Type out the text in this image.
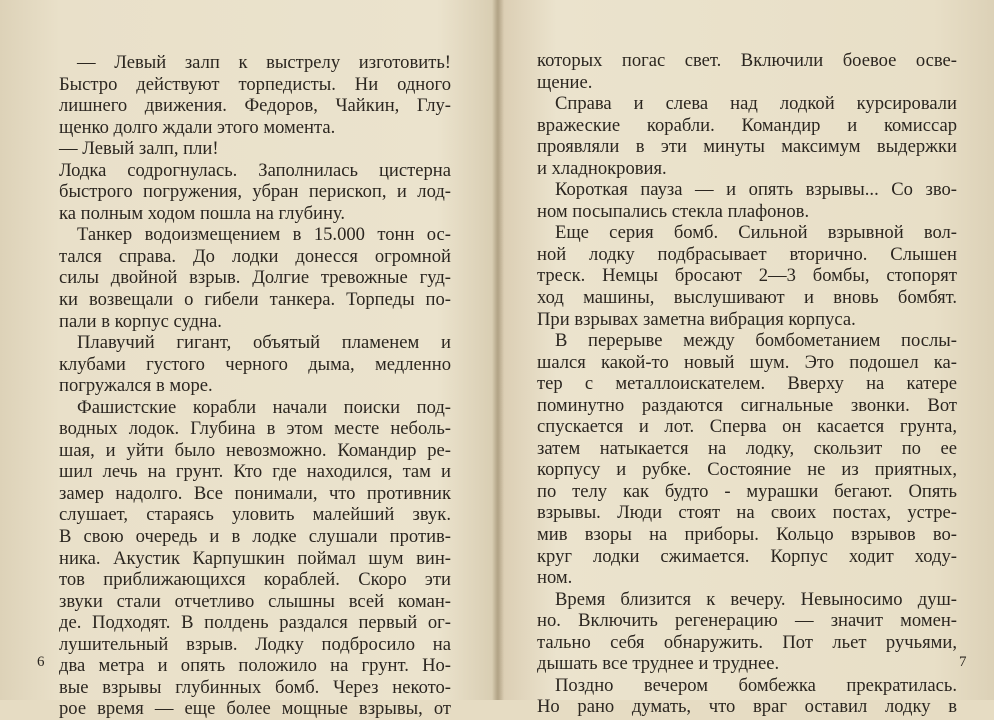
— Левый залп к выстрелу изготовить!
Быстро действуют торпедисты. Ни одного
лишнего движения. Федоров, Чайкин, Глу-
щенко долго ждали этого момента.
— Левый залп, пли!
Лодка содрогнулась. Заполнилась цистерна
быстрого погружения, убран перископ, и лод-
ка полным ходом пошла на глубину.
Танкер водоизмещением в 15.000 тонн ос-
тался справа. До лодки донесся огромной
силы двойной взрыв. Долгие тревожные гуд-
ки возвещали о гибели танкера. Торпеды по-
пали в корпус судна.
Плавучий гигант, объятый пламенем и
клубами густого черного дыма, медленно
погружался в море.
Фашистские корабли начали поиски под-
водных лодок. Глубина в этом месте неболь-
шая, и уйти было невозможно. Командир ре-
шил лечь на грунт. Кто где находился, там и
замер надолго. Все понимали, что противник
слушает, стараясь уловить малейший звук.
В свою очередь и в лодке слушали против-
ника. Акустик Карпушкин поймал шум вин-
тов приближающихся кораблей. Скоро эти
звуки стали отчетливо слышны всей коман-
де. Подходят. В полдень раздался первый ог-
лушительный взрыв. Лодку подбросило на
два метра и опять положило на грунт. Но-
вые взрывы глубинных бомб. Через некото-
рое время — еще более мощные взрывы, от
6
которых погас свет. Включили боевое осве-
щение.
Справа и слева над лодкой курсировали
вражеские корабли. Командир и комиссар
проявляли в эти минуты максимум выдержки
и хладнокровия.
Короткая пауза — и опять взрывы... Со зво-
ном посыпались стекла плафонов.
Еще серия бомб. Сильной взрывной вол-
ной лодку подбрасывает вторично. Слышен
треск. Немцы бросают 2—3 бомбы, стопорят
ход машины, выслушивают и вновь бомбят.
При взрывах заметна вибрация корпуса.
В перерыве между бомбометанием послы-
шался какой-то новый шум. Это подошел ка-
тер с металлоискателем. Вверху на катере
поминутно раздаются сигнальные звонки. Вот
спускается и лот. Сперва он касается грунта,
затем натыкается на лодку, скользит по ее
корпусу и рубке. Состояние не из приятных,
по телу как будто - мурашки бегают. Опять
взрывы. Люди стоят на своих постах, устре-
мив взоры на приборы. Кольцо взрывов во-
круг лодки сжимается. Корпус ходит ходу-
ном.
Время близится к вечеру. Невыносимо душ-
но. Включить регенерацию — значит момен-
тально себя обнаружить. Пот льет ручьями,
дышать все труднее и труднее.
Поздно вечером бомбежка прекратилась.
Но рано думать, что враг оставил лодку в
7
